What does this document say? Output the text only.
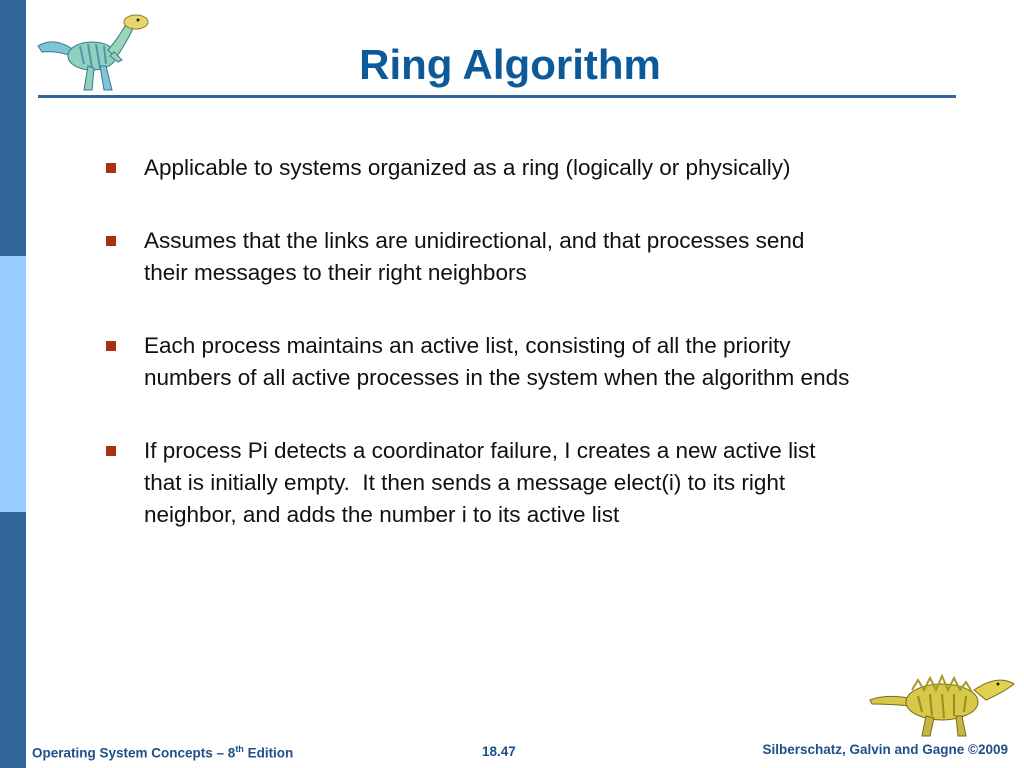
Ring Algorithm
Applicable to systems organized as a ring (logically or physically)
Assumes that the links are unidirectional, and that processes send
their messages to their right neighbors
Each process maintains an active list, consisting of all the priority
numbers of all active processes in the system when the algorithm ends
If process Pi detects a coordinator failure, I creates a new active list
that is initially empty.  It then sends a message elect(i) to its right
neighbor, and adds the number i to its active list
Operating System Concepts – 8th Edition	18.47	Silberschatz, Galvin and Gagne ©2009
